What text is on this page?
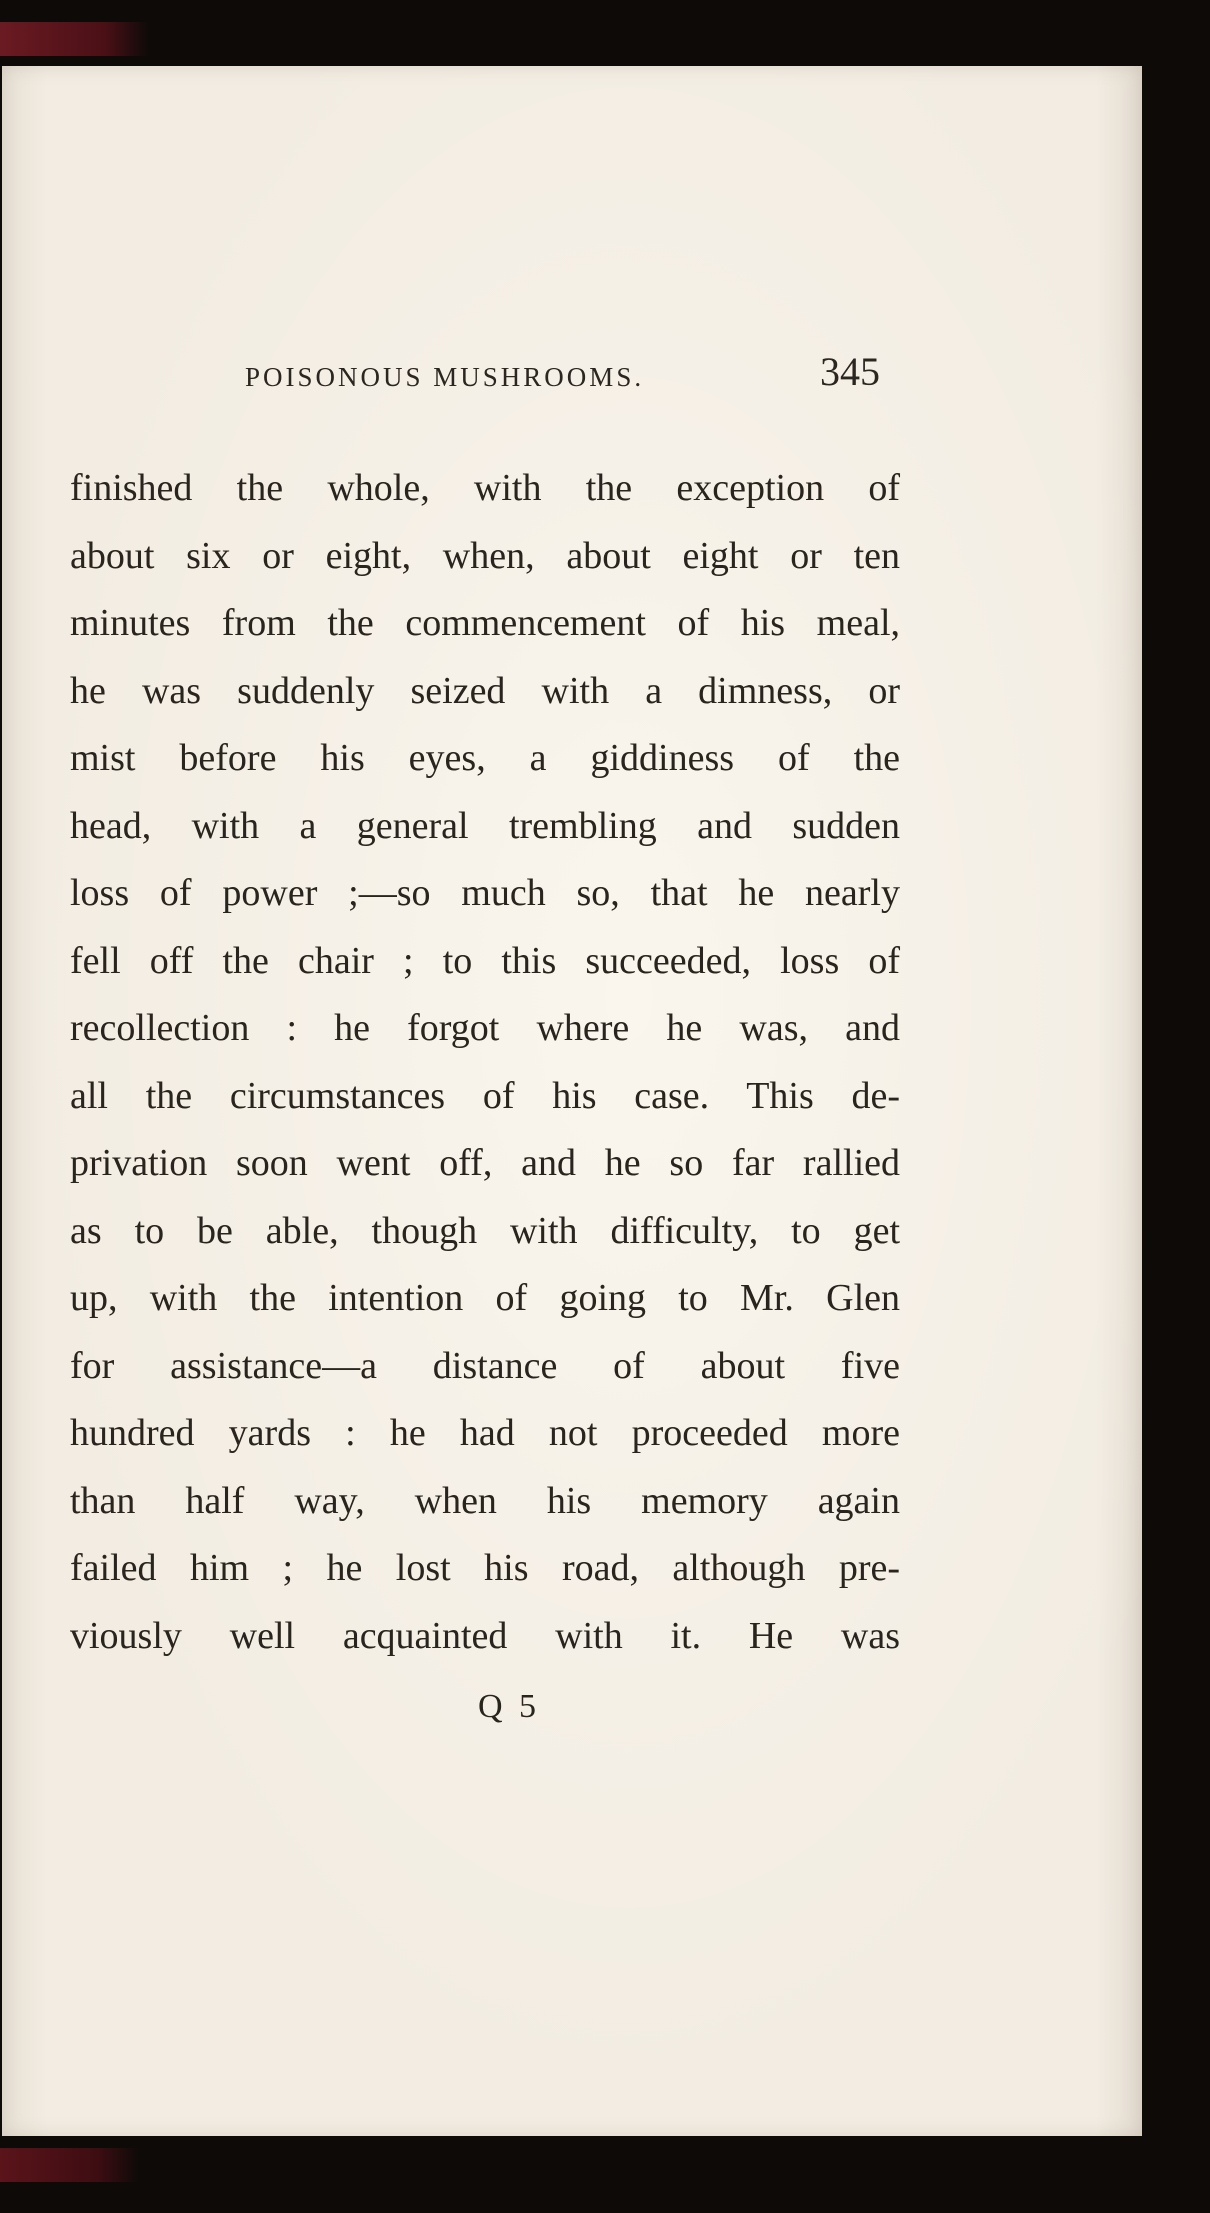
POISONOUS MUSHROOMS.	345
finished the whole, with the exception of
about six or eight, when, about eight or ten
minutes from the commencement of his meal,
he was suddenly seized with a dimness, or
mist before his eyes, a giddiness of the
head, with a general trembling and sudden
loss of power ;—so much so, that he nearly
fell off the chair ; to this succeeded, loss of
recollection : he forgot where he was, and
all the circumstances of his case. This de-
privation soon went off, and he so far rallied
as to be able, though with difficulty, to get
up, with the intention of going to Mr. Glen
for assistance—a distance of about five
hundred yards : he had not proceeded more
than half way, when his memory again
failed him ; he lost his road, although pre-
viously well acquainted with it. He was
Q 5
